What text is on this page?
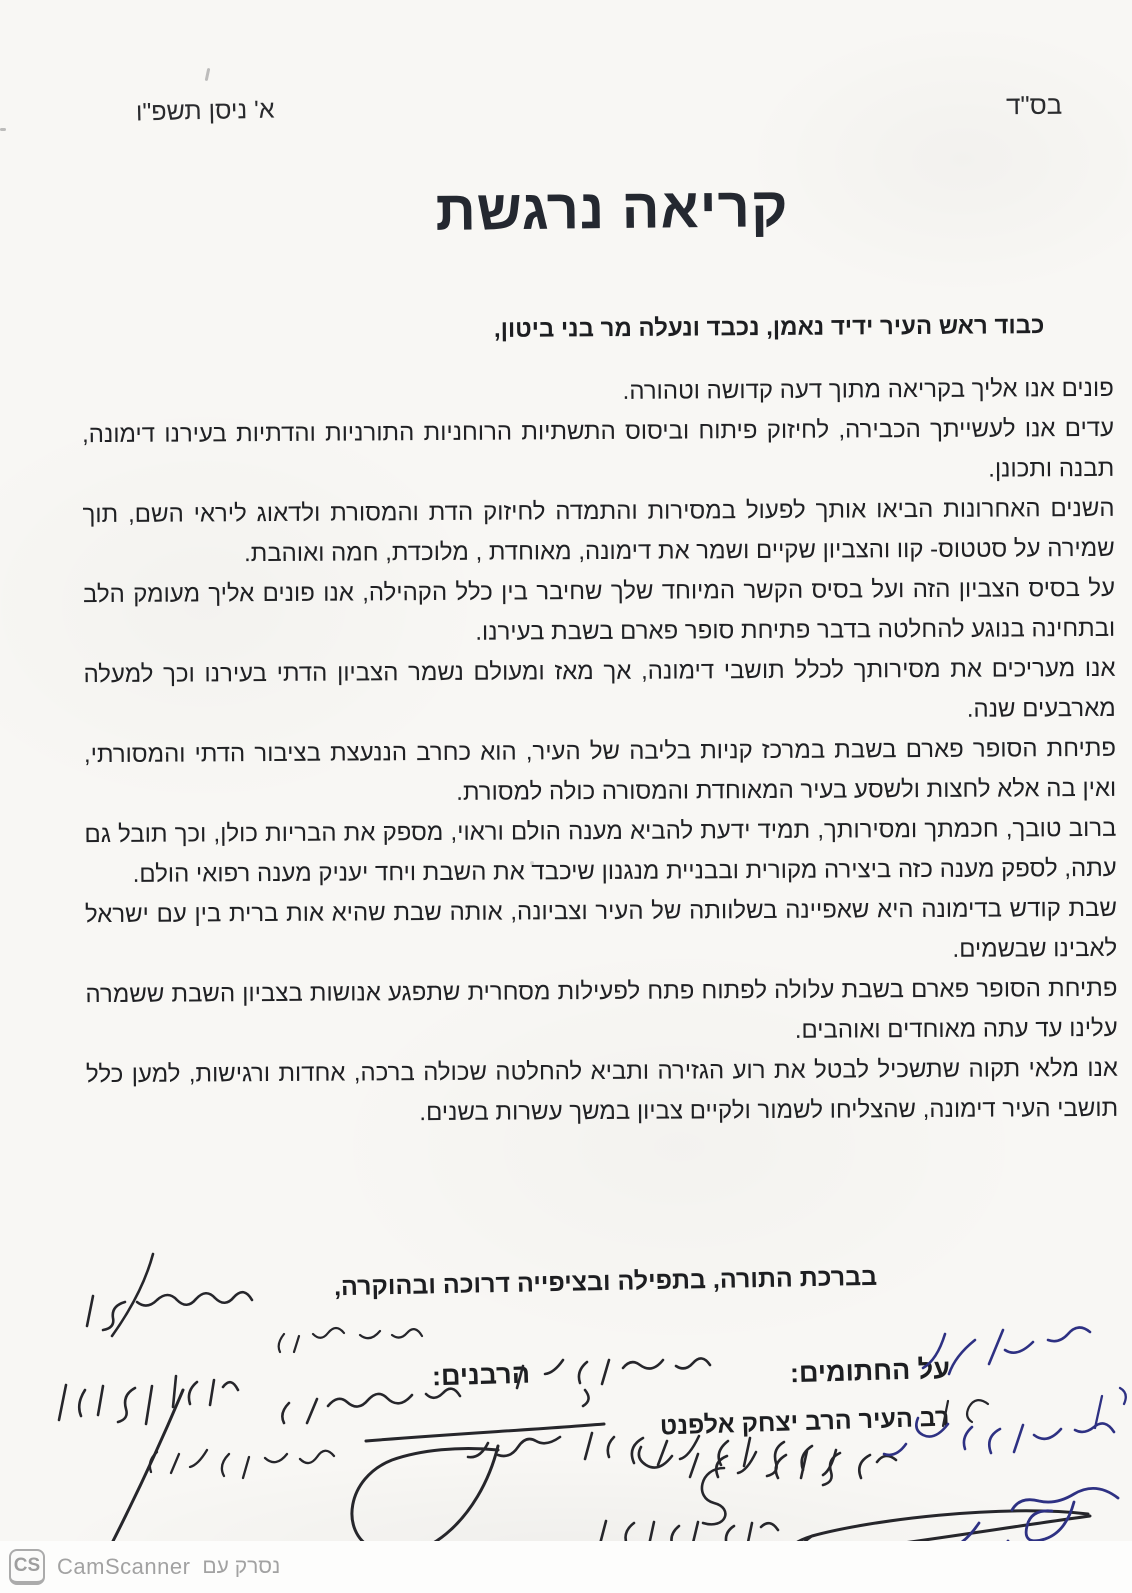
בס"ד
א' ניסן תשפ"ו
קריאה נרגשת
כבוד ראש העיר ידיד נאמן, נכבד ונעלה מר בני ביטון,

פונים אנו אליך בקריאה מתוך דעה קדושה וטהורה.

עדים אנו לעשייתך הכבירה, לחיזוק פיתוח וביסוס התשתיות הרוחניות התורניות והדתיות בעירנו דימונה, תבנה ותכונן.

השנים האחרונות הביאו אותך לפעול במסירות והתמדה לחיזוק הדת והמסורת ולדאוג ליראי השם, תוך שמירה על סטטוס- קוו והצביון שקיים ושמר את דימונה, מאוחדת , מלוכדת, חמה ואוהבת.

על בסיס הצביון הזה ועל בסיס הקשר המיוחד שלך שחיבר בין כלל הקהילה, אנו פונים אליך מעומק הלב ובתחינה בנוגע להחלטה בדבר פתיחת סופר פארם בשבת בעירנו.

אנו מעריכים את מסירותך לכלל תושבי דימונה, אך מאז ומעולם נשמר הצביון הדתי בעירנו וכך למעלה מארבעים שנה.

פתיחת הסופר פארם בשבת במרכז קניות בליבה של העיר, הוא כחרב הננעצת בציבור הדתי והמסורתי, ואין בה אלא לחצות ולשסע בעיר המאוחדת והמסורה כולה למסורת.

ברוב טובך, חכמתך ומסירותך, תמיד ידעת להביא מענה הולם וראוי, מספק את הבריות כולן, וכך תובל גם עתה, לספק מענה כזה ביצירה מקורית ובבניית מנגנון שיכבד את השבת ויחד יעניק מענה רפואי הולם.

שבת קודש בדימונה היא שאפיינה בשלוותה של העיר וצביונה, אותה שבת שהיא אות ברית בין עם ישראל לאבינו שבשמים.

פתיחת הסופר פארם בשבת עלולה לפתוח פתח לפעילות מסחרית שתפגע אנושות בצביון השבת ששמרה עלינו עד עתה מאוחדים ואוהבים.

אנו מלאי תקוה שתשכיל לבטל את רוע הגזירה ותביא להחלטה שכולה ברכה, אחדות ורגישות, למען כלל תושבי העיר דימונה, שהצליחו לשמור ולקיים צביון במשך עשרות בשנים.

בברכת התורה, בתפילה ובציפייה דרוכה ובהוקרה,
על החתומים:
הרבנים:
רב העיר הרב יצחק אלפנט
CS CamScanner נסרק עם
